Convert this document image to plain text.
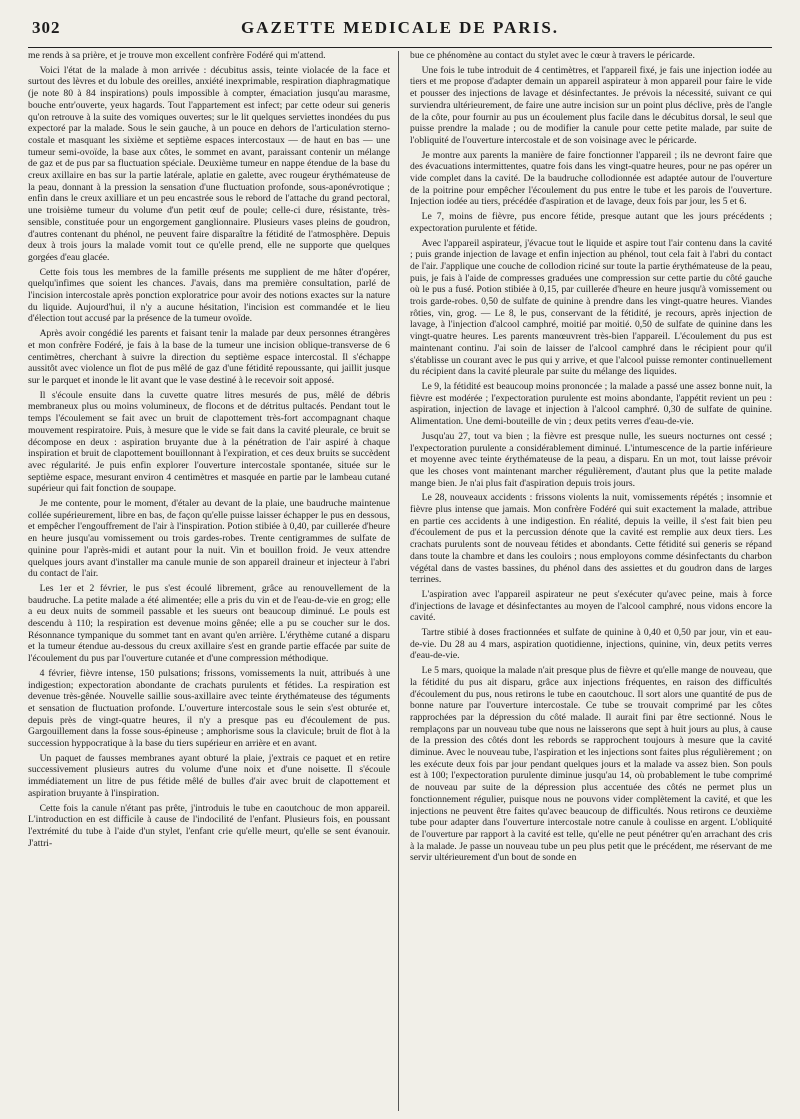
302	GAZETTE MEDICALE DE PARIS.

me rends à sa prière, et je trouve mon excellent confrère Fodéré qui m'attend.

Voici l'état de la malade à mon arrivée : décubitus assis, teinte violacée de la face et surtout des lèvres et du lobule des oreilles, anxiété inexprimable, respiration diaphragmatique (je note 80 à 84 inspirations) pouls impossible à compter, émaciation jusqu'au marasme, bouche entr'ouverte, yeux hagards. Tout l'appartement est infect; par cette odeur sui generis qu'on retrouve à la suite des vomiques ouvertes; sur le lit quelques serviettes inondées du pus expectoré par la malade. Sous le sein gauche, à un pouce en dehors de l'articulation sterno-costale et masquant les sixième et septième espaces intercostaux — de haut en bas — une tumeur semi-ovoïde, la base aux côtes, le sommet en avant, paraissant contenir un mélange de gaz et de pus par sa fluctuation spéciale. Deuxième tumeur en nappe étendue de la base du creux axillaire en bas sur la partie latérale, aplatie en galette, avec rougeur érythémateuse de la peau, donnant à la pression la sensation d'une fluctuation profonde, sous-aponévrotique ; enfin dans le creux axilliare et un peu encastrée sous le rebord de l'attache du grand pectoral, une troisième tumeur du volume d'un petit œuf de poule; celle-ci dure, résistante, très-sensible, constituée pour un engorgement ganglionnaire. Plusieurs vases pleins de goudron, d'autres contenant du phénol, ne peuvent faire disparaître la fétidité de l'atmosphère. Depuis deux à trois jours la malade vomit tout ce qu'elle prend, elle ne supporte que quelques gorgées d'eau glacée.

Cette fois tous les membres de la famille présents me supplient de me hâter d'opérer, quelqu'infimes que soient les chances. J'avais, dans ma première consultation, parlé de l'incision intercostale après ponction exploratrice pour avoir des notions exactes sur la nature du liquide. Aujourd'hui, il n'y a aucune hésitation, l'incision est commandée et le lieu d'élection tout accusé par la présence de la tumeur ovoïde.

Après avoir congédié les parents et faisant tenir la malade par deux personnes étrangères et mon confrère Fodéré, je fais à la base de la tumeur une incision oblique-transverse de 6 centimètres, cherchant à suivre la direction du septième espace intercostal. Il s'échappe aussitôt avec violence un flot de pus mêlé de gaz d'une fétidité repoussante, qui jaillit jusque sur le parquet et inonde le lit avant que le vase destiné à le recevoir soit apposé.

Il s'écoule ensuite dans la cuvette quatre litres mesurés de pus, mêlé de débris membraneux plus ou moins volumineux, de flocons et de détritus pultacés. Pendant tout le temps l'écoulement se fait avec un bruit de clapottement très-fort accompagnant chaque mouvement respiratoire. Puis, à mesure que le vide se fait dans la cavité pleurale, ce bruit se décompose en deux : aspiration bruyante due à la pénétration de l'air aspiré à chaque inspiration et bruit de clapottement bouillonnant à l'expiration, et ces deux bruits se succèdent avec régularité. Je puis enfin explorer l'ouverture intercostale spontanée, située sur le septième espace, mesurant environ 4 centimètres et masquée en partie par le lambeau cutané supérieur qui fait fonction de soupape.

Je me contente, pour le moment, d'étaler au devant de la plaie, une baudruche maintenue collée supérieurement, libre en bas, de façon qu'elle puisse laisser échapper le pus en dessous, et empêcher l'engouffrement de l'air à l'inspiration. Potion stibiée à 0,40, par cuillerée d'heure en heure jusqu'au vomissement ou trois gardes-robes. Trente centigrammes de sulfate de quinine pour l'après-midi et autant pour la nuit. Vin et bouillon froid. Je veux attendre quelques jours avant d'installer ma canule munie de son appareil draineur et injecteur à l'abri du contact de l'air.

Les 1er et 2 février, le pus s'est écoulé librement, grâce au renouvellement de la baudruche. La petite malade a été alimentée; elle a pris du vin et de l'eau-de-vie en grog; elle a eu deux nuits de sommeil passable et les sueurs ont beaucoup diminué. Le pouls est descendu à 110; la respiration est devenue moins gênée; elle a pu se coucher sur le dos. Résonnance tympanique du sommet tant en avant qu'en arrière. L'érythème cutané a disparu et la tumeur étendue au-dessous du creux axillaire s'est en grande partie effacée par suite de l'écoulement du pus par l'ouverture cutanée et d'une compression méthodique.

4 février, fièvre intense, 150 pulsations; frissons, vomissements la nuit, attribués à une indigestion; expectoration abondante de crachats purulents et fétides. La respiration est devenue très-gênée. Nouvelle saillie sous-axillaire avec teinte érythémateuse des téguments et sensation de fluctuation profonde. L'ouverture intercostale sous le sein s'est obturée et, depuis près de vingt-quatre heures, il n'y a presque pas eu d'écoulement de pus. Gargouillement dans la fosse sous-épineuse ; amphorisme sous la clavicule; bruit de flot à la succession hyppocratique à la base du tiers supérieur en arrière et en avant.

Un paquet de fausses membranes ayant obturé la plaie, j'extrais ce paquet et en retire successivement plusieurs autres du volume d'une noix et d'une noisette. Il s'écoule immédiatement un litre de pus fétide mêlé de bulles d'air avec bruit de clapottement et aspiration bruyante à l'inspiration.

Cette fois la canule n'étant pas prête, j'introduis le tube en caoutchouc de mon appareil. L'introduction en est difficile à cause de l'indocilité de l'enfant. Plusieurs fois, en poussant l'extrémité du tube à l'aide d'un stylet, l'enfant crie qu'elle meurt, qu'elle se sent évanouir. J'attri-

bue ce phénomène au contact du stylet avec le cœur à travers le péricarde.

Une fois le tube introduit de 4 centimètres, et l'appareil fixé, je fais une injection iodée au tiers et me propose d'adapter demain un appareil aspirateur à mon appareil pour faire le vide et pousser des injections de lavage et désinfectantes. Je prévois la nécessité, suivant ce qui surviendra ultérieurement, de faire une autre incision sur un point plus déclive, près de l'angle de la côte, pour fournir au pus un écoulement plus facile dans le décubitus dorsal, le seul que puisse prendre la malade ; ou de modifier la canule pour cette petite malade, par suite de l'obliquité de l'ouverture intercostale et de son voisinage avec le péricarde.

Je montre aux parents la manière de faire fonctionner l'appareil ; ils ne devront faire que des évacuations intermittentes, quatre fois dans les vingt-quatre heures, pour ne pas opérer un vide complet dans la cavité. De la baudruche collodionnée est adaptée autour de l'ouverture de la poitrine pour empêcher l'écoulement du pus entre le tube et les parois de l'ouverture. Injection iodée au tiers, précédée d'aspiration et de lavage, deux fois par jour, les 5 et 6.

Le 7, moins de fièvre, pus encore fétide, presque autant que les jours précédents ; expectoration purulente et fétide.

Avec l'appareil aspirateur, j'évacue tout le liquide et aspire tout l'air contenu dans la cavité ; puis grande injection de lavage et enfin injection au phénol, tout cela fait à l'abri du contact de l'air. J'applique une couche de collodion riciné sur toute la partie érythémateuse de la peau, puis, je fais à l'aide de compresses graduées une compression sur cette partie du côté gauche où le pus a fusé. Potion stibiée à 0,15, par cuillerée d'heure en heure jusqu'à vomissement ou trois garde-robes. 0,50 de sulfate de quinine à prendre dans les vingt-quatre heures. Viandes rôties, vin, grog. — Le 8, le pus, conservant de la fétidité, je recours, après injection de lavage, à l'injection d'alcool camphré, moitié par moitié. 0,50 de sulfate de quinine dans les vingt-quatre heures. Les parents manœuvrent très-bien l'appareil. L'écoulement du pus est maintenant continu. J'ai soin de laisser de l'alcool camphré dans le récipient pour qu'il s'établisse un courant avec le pus qui y arrive, et que l'alcool puisse remonter continuellement du récipient dans la cavité pleurale par suite du mélange des liquides.

Le 9, la fétidité est beaucoup moins prononcée ; la malade a passé une assez bonne nuit, la fièvre est modérée ; l'expectoration purulente est moins abondante, l'appétit revient un peu : aspiration, injection de lavage et injection à l'alcool camphré. 0,30 de sulfate de quinine. Alimentation. Une demi-bouteille de vin ; deux petits verres d'eau-de-vie.

Jusqu'au 27, tout va bien ; la fièvre est presque nulle, les sueurs nocturnes ont cessé ; l'expectoration purulente a considérablement diminué. L'intumescence de la partie inférieure et moyenne avec teinte érythémateuse de la peau, a disparu. En un mot, tout laisse prévoir que les choses vont maintenant marcher régulièrement, d'autant plus que la petite malade mange bien. Je n'ai plus fait d'aspiration depuis trois jours.

Le 28, nouveaux accidents : frissons violents la nuit, vomissements répétés ; insomnie et fièvre plus intense que jamais. Mon confrère Fodéré qui suit exactement la malade, attribue en partie ces accidents à une indigestion. En réalité, depuis la veille, il s'est fait bien peu d'écoulement de pus et la percussion dénote que la cavité est remplie aux deux tiers. Les crachats purulents sont de nouveau fétides et abondants. Cette fétidité sui generis se répand dans toute la chambre et dans les couloirs ; nous employons comme désinfectants du charbon végétal dans de vastes bassines, du phénol dans des assiettes et du goudron dans de larges terrines.

L'aspiration avec l'appareil aspirateur ne peut s'exécuter qu'avec peine, mais à force d'injections de lavage et désinfectantes au moyen de l'alcool camphré, nous vidons encore la cavité.

Tartre stibié à doses fractionnées et sulfate de quinine à 0,40 et 0,50 par jour, vin et eau-de-vie. Du 28 au 4 mars, aspiration quotidienne, injections, quinine, vin, deux petits verres d'eau-de-vie.

Le 5 mars, quoique la malade n'ait presque plus de fièvre et qu'elle mange de nouveau, que la fétidité du pus ait disparu, grâce aux injections fréquentes, en raison des difficultés d'écoulement du pus, nous retirons le tube en caoutchouc. Il sort alors une quantité de pus de bonne nature par l'ouverture intercostale. Ce tube se trouvait comprimé par les côtes rapprochées par la dépression du côté malade. Il aurait fini par être sectionné. Nous le remplaçons par un nouveau tube que nous ne laisserons que sept à huit jours au plus, à cause de la pression des côtés dont les rebords se rapprochent toujours à mesure que la cavité diminue. Avec le nouveau tube, l'aspiration et les injections sont faites plus régulièrement ; on les exécute deux fois par jour pendant quelques jours et la malade va assez bien. Son pouls est à 100; l'expectoration purulente diminue jusqu'au 14, où probablement le tube comprimé de nouveau par suite de la dépression plus accentuée des côtés ne permet plus un fonctionnement régulier, puisque nous ne pouvons vider complètement la cavité, et que les injections ne peuvent être faites qu'avec beaucoup de difficultés. Nous retirons ce deuxième tube pour adapter dans l'ouverture intercostale notre canule à coulisse en argent. L'obliquité de l'ouverture par rapport à la cavité est telle, qu'elle ne peut pénétrer qu'en arrachant des cris à la malade. Je passe un nouveau tube un peu plus petit que le précédent, me réservant de me servir ultérieurement d'un bout de sonde en
